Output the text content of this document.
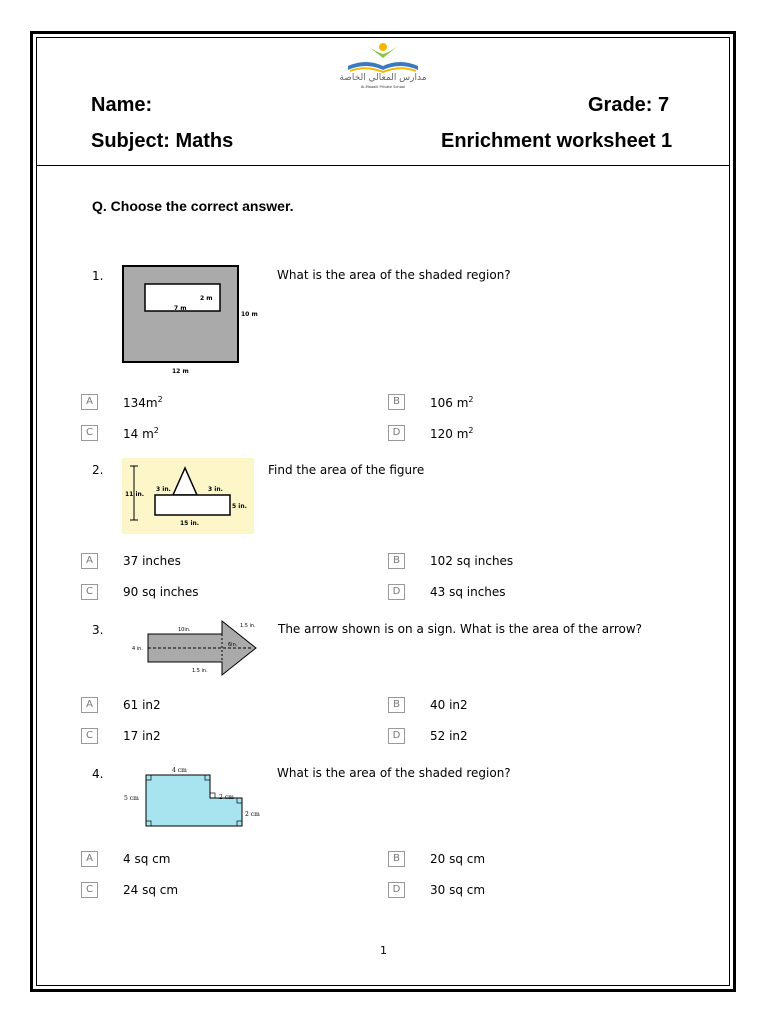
مدارس المعالي الخاصة
Al-Maaalli Private School
Name:	Grade: 7
Subject: Maths	Enrichment worksheet 1
Q. Choose the correct answer.
1.
2 m
7 m
10 m
12 m
What is the area of the shaded region?
A	$134m^2$	B	106 $m^2$
C	14 $m^2$	D	120 $m^2$
2.
11 in.
3 in.	3 in.
5 in.
15 in.
Find the area of the figure
A	37 inches	B	102 sq inches
C	90 sq inches	D	43 sq inches
3.	10in.
1.5 in.
4 in.
6in.
1.5 in.
The arrow shown is on a sign. What is the area of the arrow?
A	61 in2	B	40 in2
C	17 in2	D	52 in2
4.	4 cm
5 cm	2 cm
2 cm
What is the area of the shaded region?
A	4 sq cm	B	20 sq cm
C	24 sq cm	D	30 sq cm
1
